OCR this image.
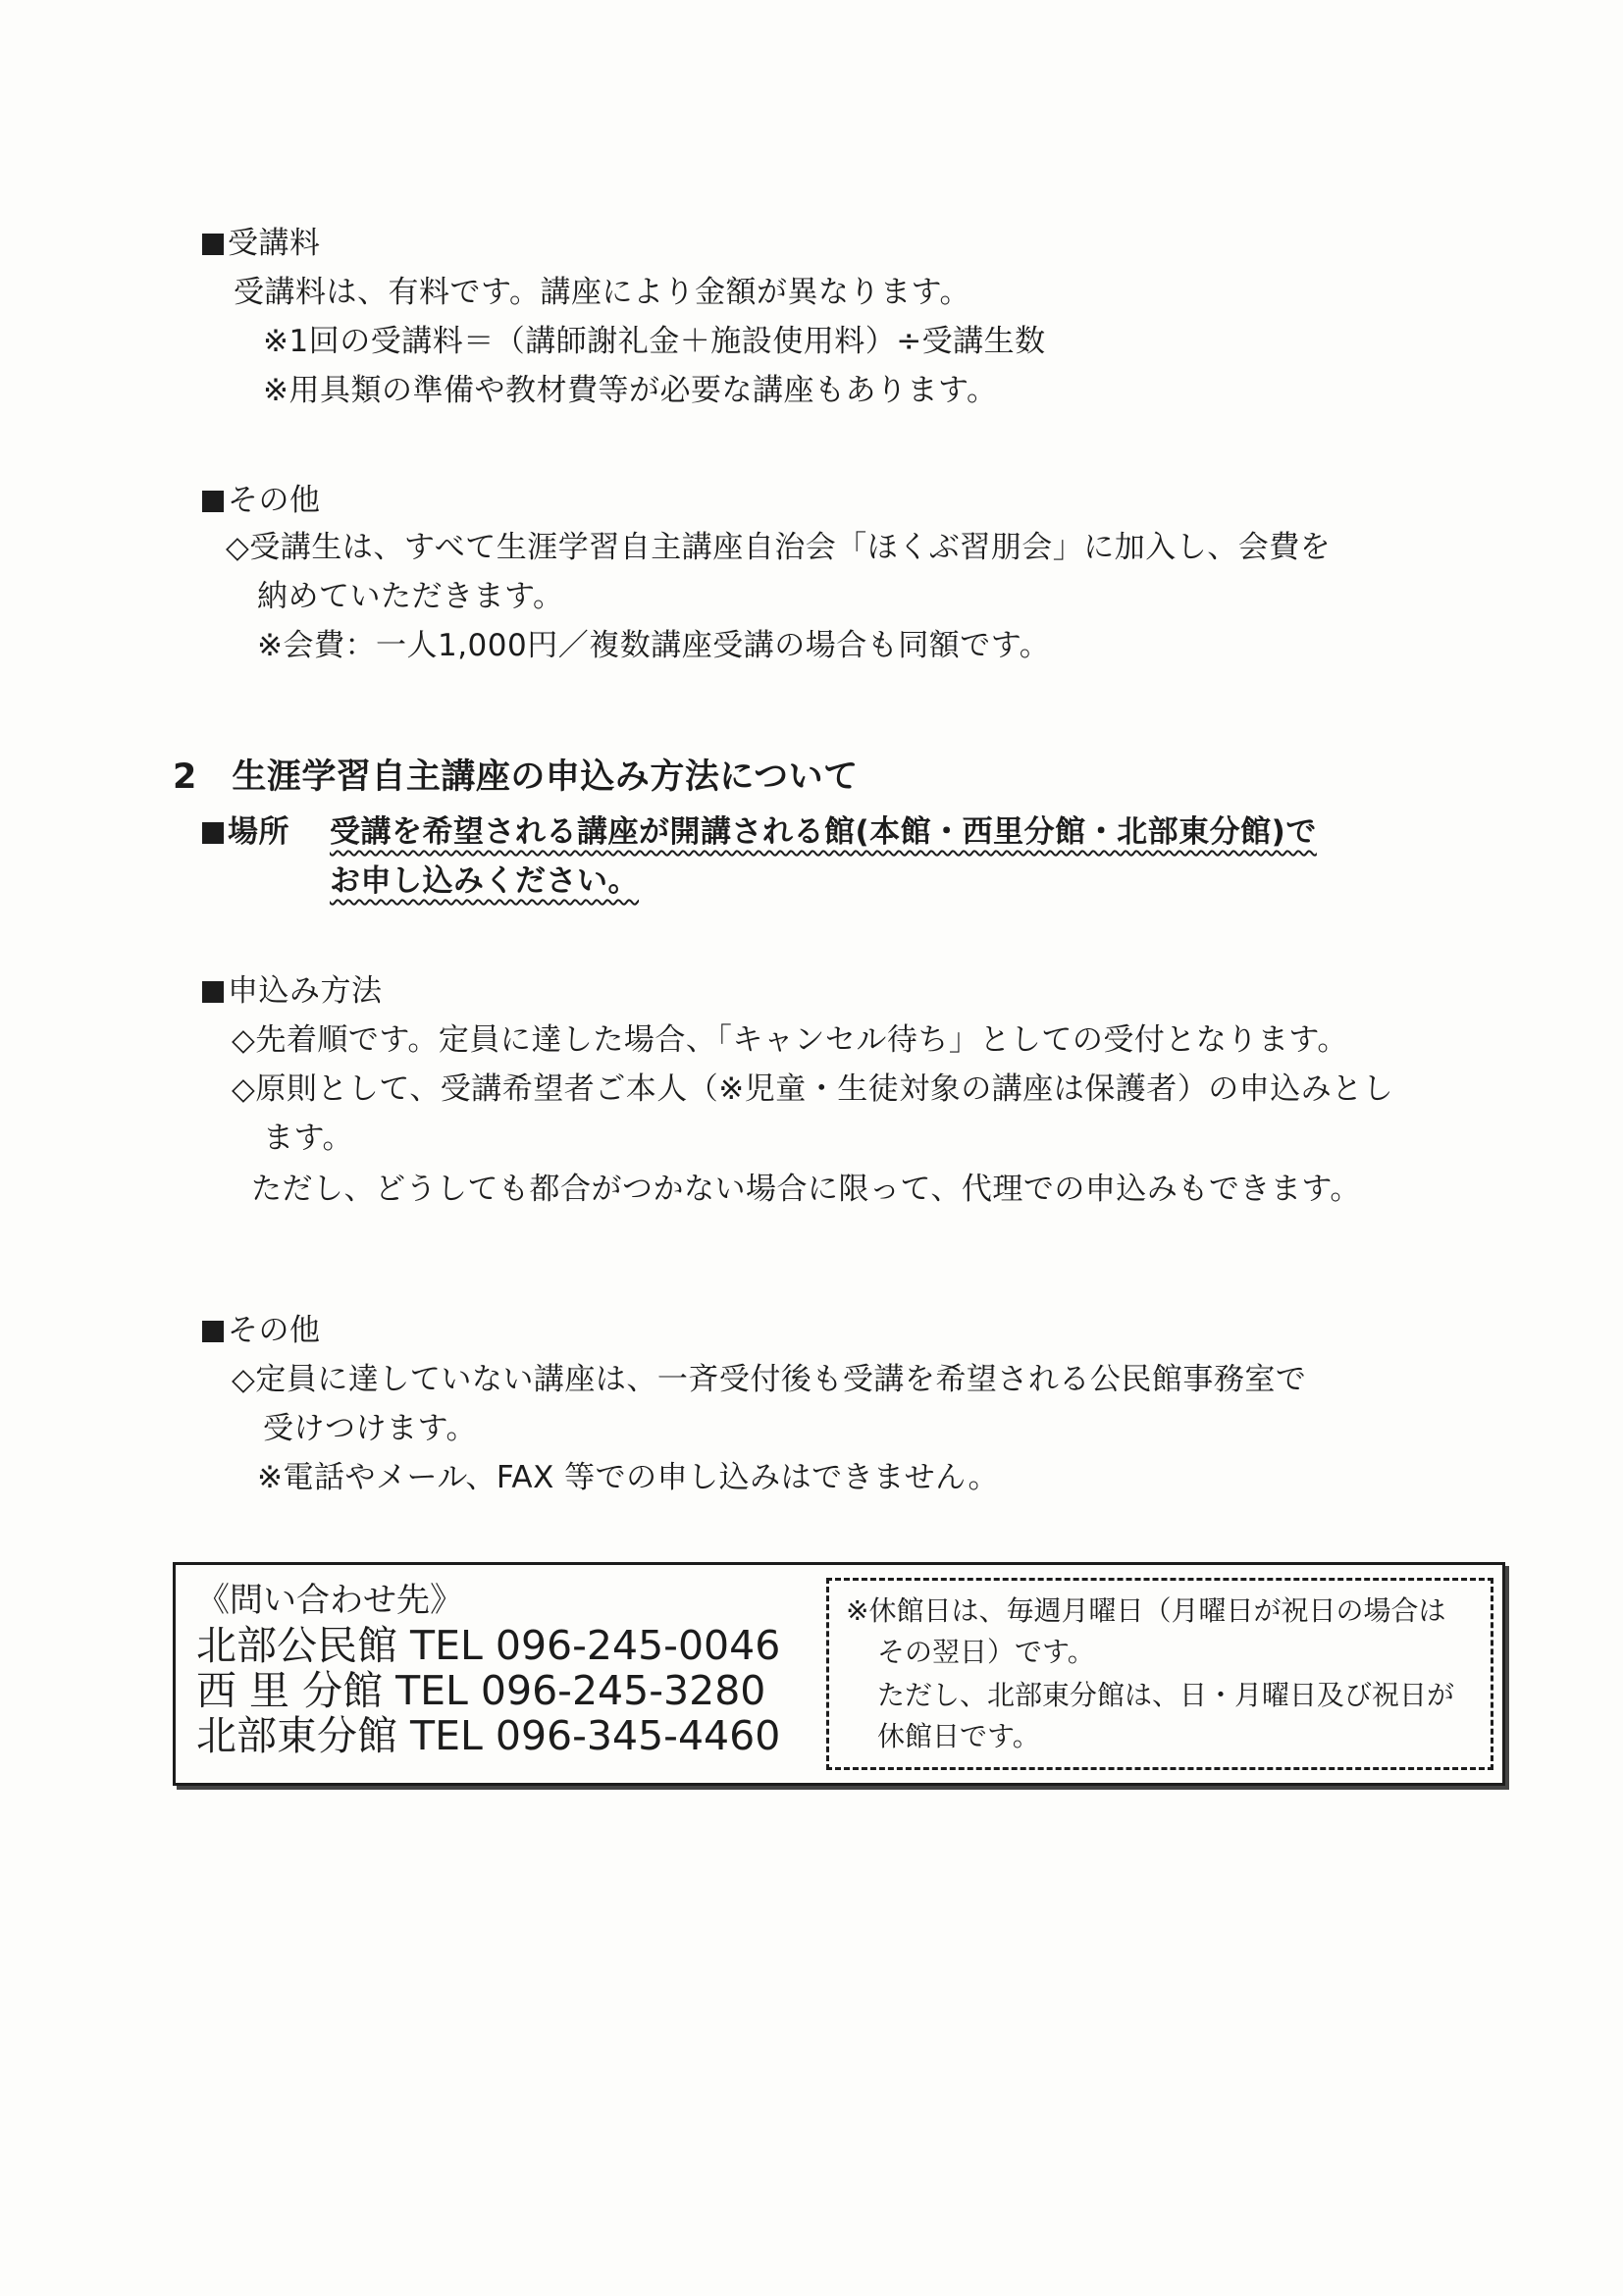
受講料
受講料は、有料です。講座により金額が異なります。
※1回の受講料＝（講師謝礼金＋施設使用料）÷受講生数
※用具類の準備や教材費等が必要な講座もあります。
その他
◇受講生は、すべて生涯学習自主講座自治会「ほくぶ習朋会」に加入し、会費を
納めていただきます。
※会費：一人1,000円／複数講座受講の場合も同額です。
2　生涯学習自主講座の申込み方法について
場所 受講を希望される講座が開講される館(本館・西里分館・北部東分館)で
お申し込みください。
申込み方法
◇先着順です。定員に達した場合、「キャンセル待ち」としての受付となります。
◇原則として、受講希望者ご本人（※児童・生徒対象の講座は保護者）の申込みとし
ます。
ただし、どうしても都合がつかない場合に限って、代理での申込みもできます。
その他
◇定員に達していない講座は、一斉受付後も受講を希望される公民館事務室で
受けつけます。
※電話やメール、FAX 等での申し込みはできません。
《問い合わせ先》
北部公民館 TEL 096-245-0046
西 里 分館 TEL 096-245-3280
北部東分館 TEL 096-345-4460
※休館日は、毎週月曜日（月曜日が祝日の場合は
その翌日）です。
ただし、北部東分館は、日・月曜日及び祝日が
休館日です。
